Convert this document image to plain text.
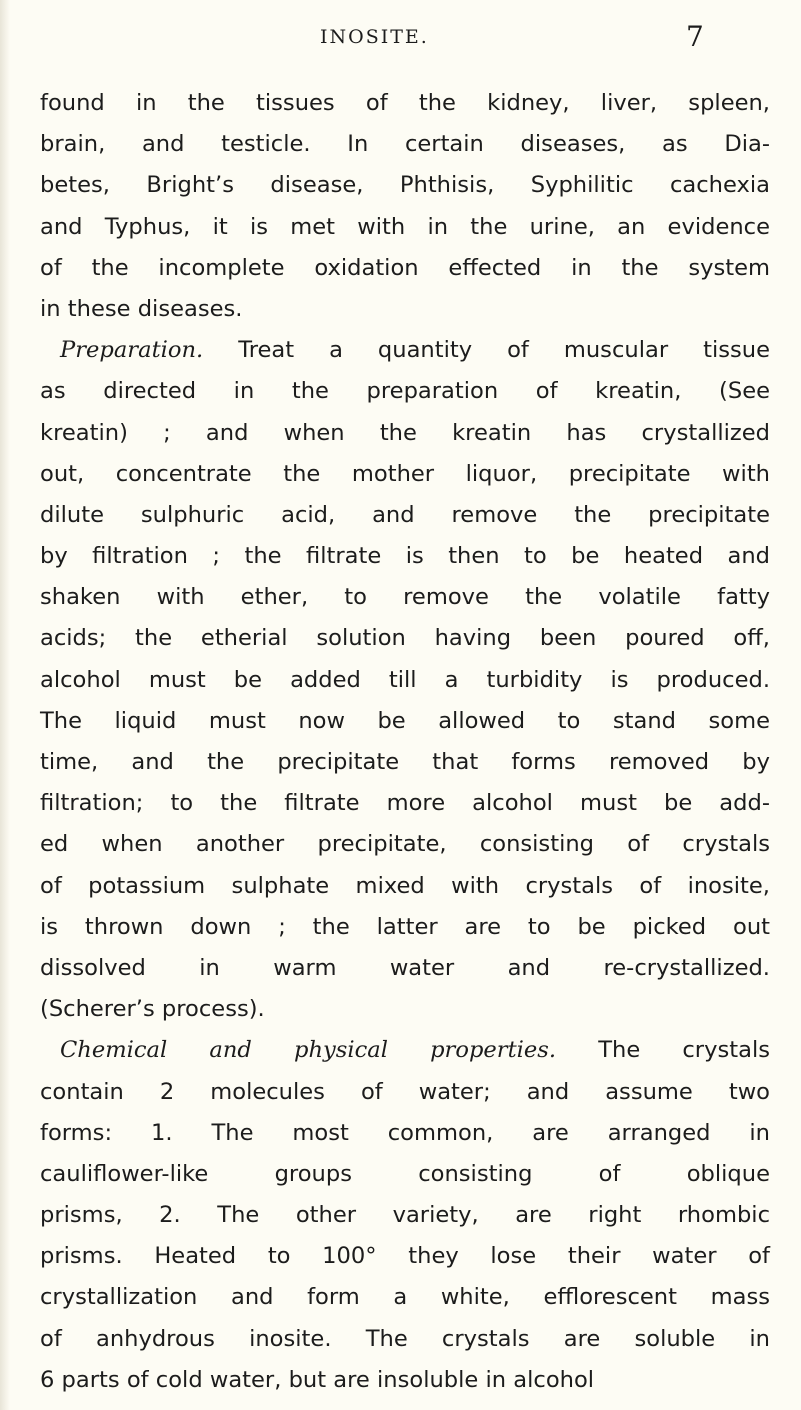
INOSITE.	7
found in the tissues of the kidney, liver, spleen,
brain, and testicle. In certain diseases, as Dia-
betes, Bright’s disease, Phthisis, Syphilitic cachexia
and Typhus, it is met with in the urine, an evidence
of the incomplete oxidation effected in the system
in these diseases.
Preparation. Treat a quantity of muscular tissue
as directed in the preparation of kreatin, (See
kreatin) ; and when the kreatin has crystallized
out, concentrate the mother liquor, precipitate with
dilute sulphuric acid, and remove the precipitate
by filtration ; the filtrate is then to be heated and
shaken with ether, to remove the volatile fatty
acids; the etherial solution having been poured off,
alcohol must be added till a turbidity is produced.
The liquid must now be allowed to stand some
time, and the precipitate that forms removed by
filtration; to the filtrate more alcohol must be add-
ed when another precipitate, consisting of crystals
of potassium sulphate mixed with crystals of inosite,
is thrown down ; the latter are to be picked out
dissolved in warm water and re-crystallized.
(Scherer’s process).
Chemical and physical properties. The crystals
contain 2 molecules of water; and assume two
forms: 1. The most common, are arranged in
cauliflower-like groups consisting of oblique
prisms, 2. The other variety, are right rhombic
prisms. Heated to 100° they lose their water of
crystallization and form a white, efflorescent mass
of anhydrous inosite. The crystals are soluble in
6 parts of cold water, but are insoluble in alcohol
